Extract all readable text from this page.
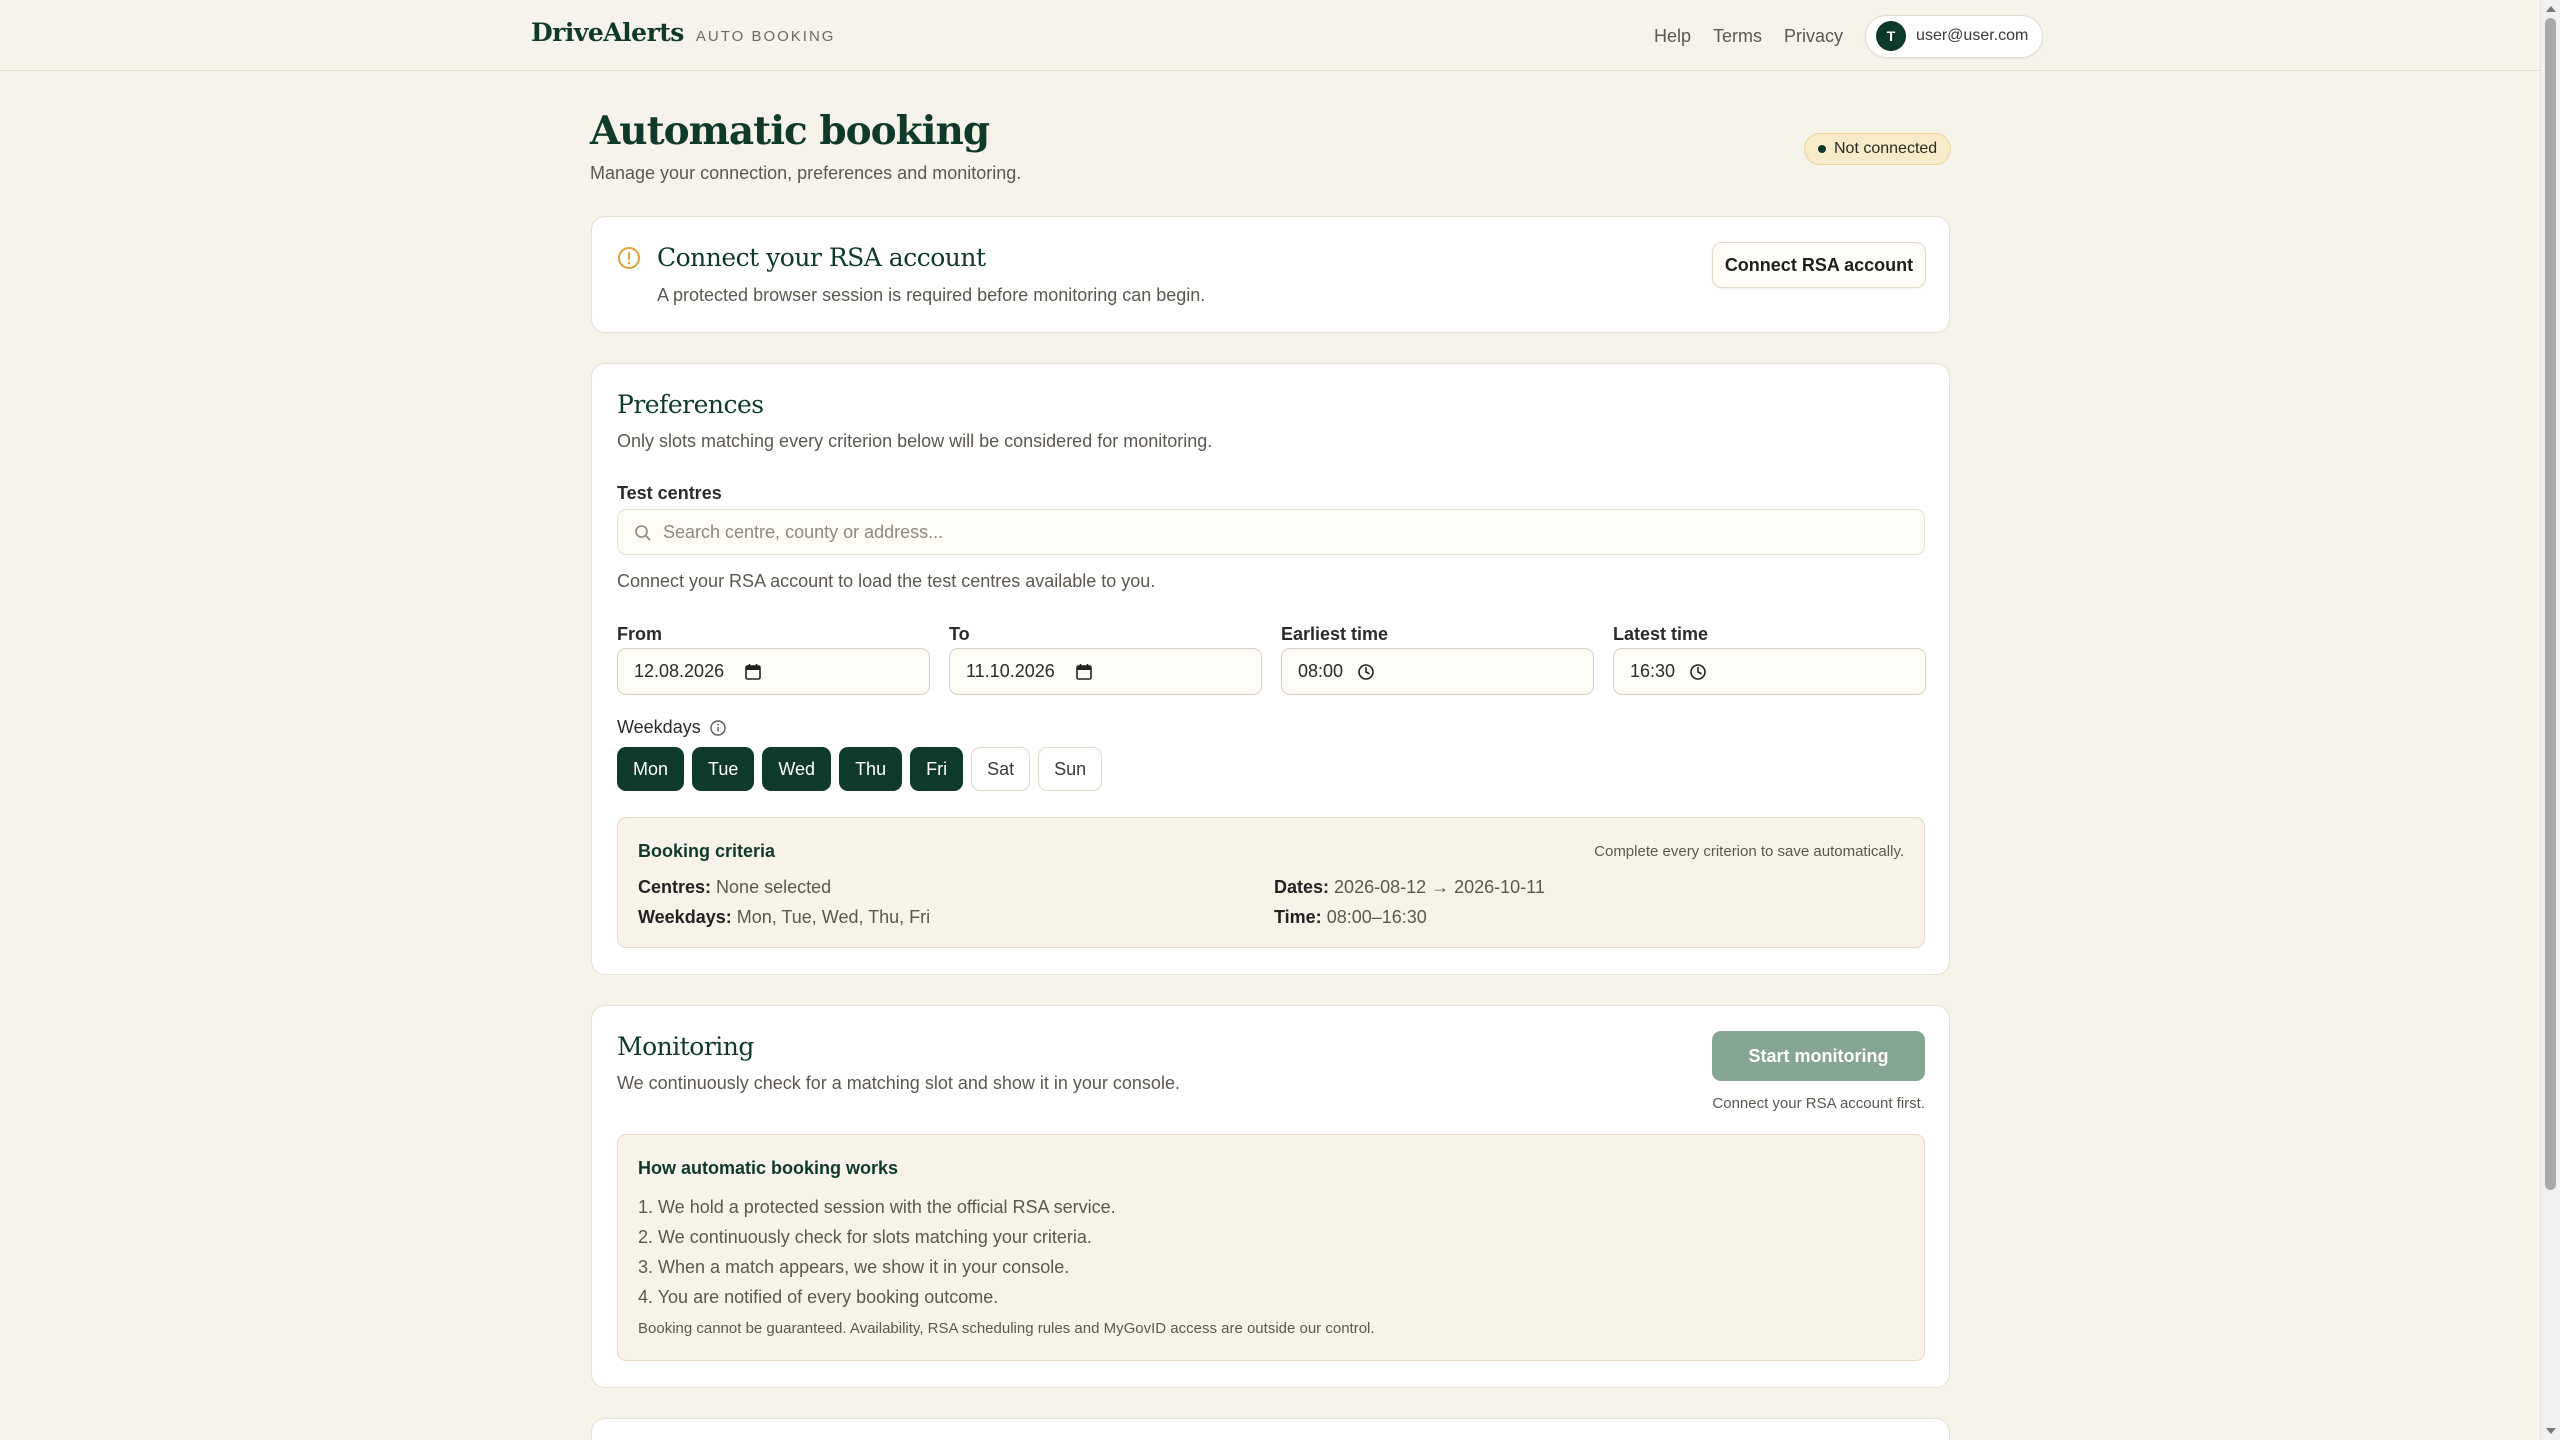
DriveAlerts AUTO BOOKING	Help Terms Privacy	T	user@user.com
Automatic booking

Manage your connection, preferences and monitoring.

Not connected
Connect your RSA account
A protected browser session is required before monitoring can begin.
Connect RSA account
Preferences
Only slots matching every criterion below will be considered for monitoring.
Test centres
Search centre, county or address...
Connect your RSA account to load the test centres available to you.
From
12.08.2026
To
11.10.2026
Earliest time
08:00
Latest time
16:30
Weekdays
Mon	Tue	Wed	Thu	Fri	Sat	Sun
Booking criteria	Complete every criterion to save automatically.
Centres: None selected
Weekdays: Mon, Tue, Wed, Thu, Fri
Dates: 2026-08-12 → 2026-10-11
Time: 08:00–16:30
Monitoring
We continuously check for a matching slot and show it in your console.
Start monitoring
Connect your RSA account first.
How automatic booking works
1. We hold a protected session with the official RSA service.
2. We continuously check for slots matching your criteria.
3. When a match appears, we show it in your console.
4. You are notified of every booking outcome.
Booking cannot be guaranteed. Availability, RSA scheduling rules and MyGovID access are outside our control.
